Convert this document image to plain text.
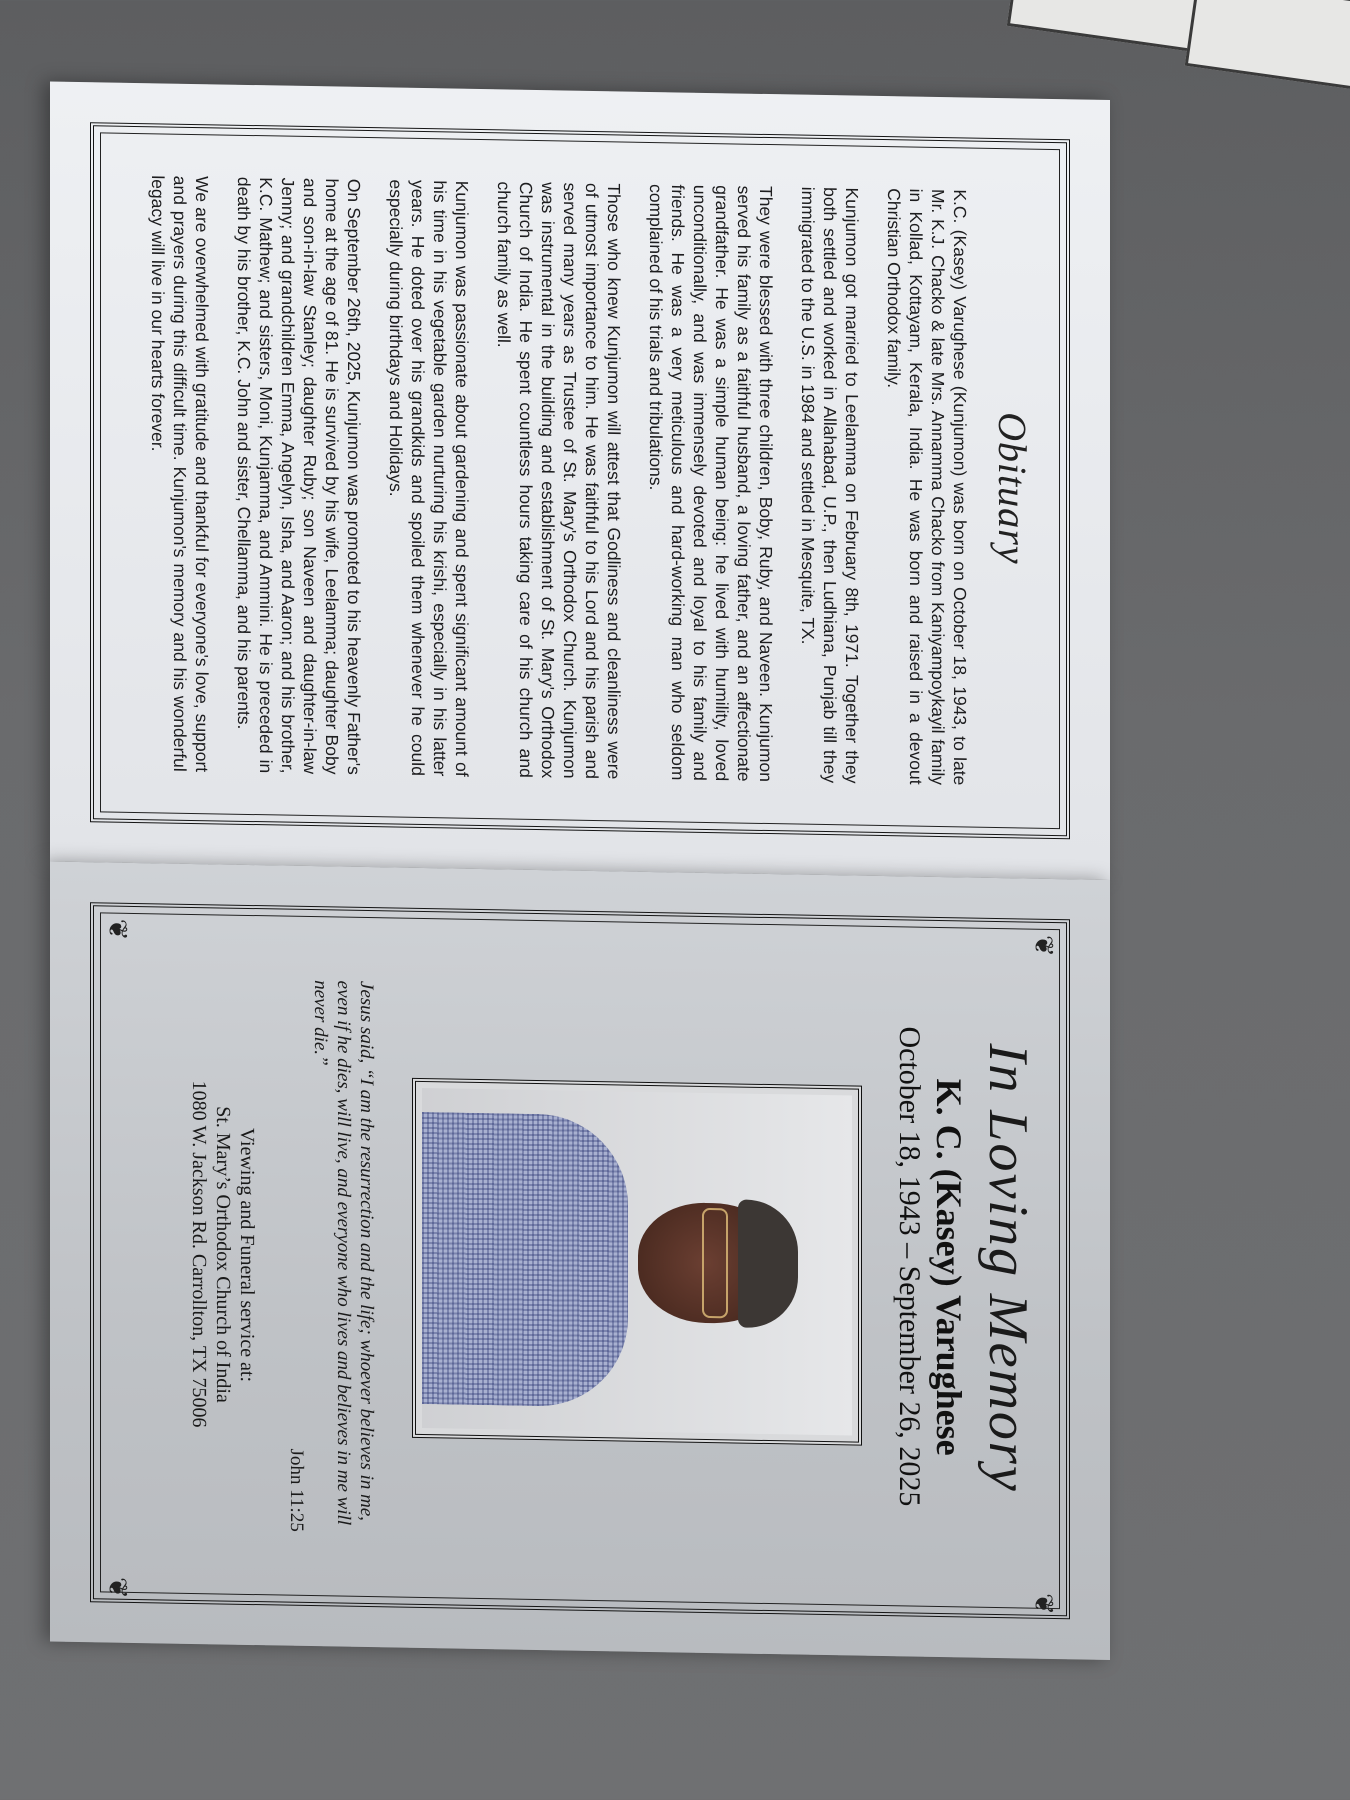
Obituary

K.C. (Kasey) Varughese (Kunjumon) was born on October 18, 1943, to late Mr. K.J. Chacko & late Mrs. Annamma Chacko from Kaniyampoykayil family in Kollad, Kottayam, Kerala, India. He was born and raised in a devout Christian Orthodox family.

Kunjumon got married to Leelamma on February 8th, 1971. Together they both settled and worked in Allahabad, U.P., then Ludhiana, Punjab till they immigrated to the U.S. in 1984 and settled in Mesquite, TX.

They were blessed with three children, Boby, Ruby, and Naveen. Kunjumon served his family as a faithful husband, a loving father, and an affectionate grandfather. He was a simple human being: he lived with humility, loved unconditionally, and was immensely devoted and loyal to his family and friends. He was a very meticulous and hard-working man who seldom complained of his trials and tribulations.

Those who knew Kunjumon will attest that Godliness and cleanliness were of utmost importance to him. He was faithful to his Lord and his parish and served many years as Trustee of St. Mary's Orthodox Church. Kunjumon was instrumental in the building and establishment of St. Mary's Orthodox Church of India. He spent countless hours taking care of his church and church family as well.

Kunjumon was passionate about gardening and spent significant amount of his time in his vegetable garden nurturing his krishi, especially in his latter years. He doted over his grandkids and spoiled them whenever he could especially during birthdays and Holidays.

On September 26th, 2025, Kunjumon was promoted to his heavenly Father's home at the age of 81. He is survived by his wife, Leelamma; daughter Boby and son-in-law Stanley; daughter Ruby; son Naveen and daughter-in-law Jenny; and grandchildren Emma, Angelyn, Isha, and Aaron; and his brother, K.C. Mathew; and sisters, Moni, Kunjamma, and Ammini. He is preceded in death by his brother, K.C. John and sister, Chellamma, and his parents.

We are overwhelmed with gratitude and thankful for everyone's love, support and prayers during this difficult time. Kunjumon's memory and his wonderful legacy will live in our hearts forever.

❦
❦
❦
❦
In Loving Memory
K. C. (Kasey) Varughese
October 18, 1943 – September 26, 2025
Jesus said, “I am the resurrection and the life; whoever believes in me, even if he dies, will live, and everyone who lives and believes in me will never die.”
John 11:25
Viewing and Funeral service at:
St. Mary’s Orthodox Church of India
1080 W. Jackson Rd. Carrollton, TX 75006
